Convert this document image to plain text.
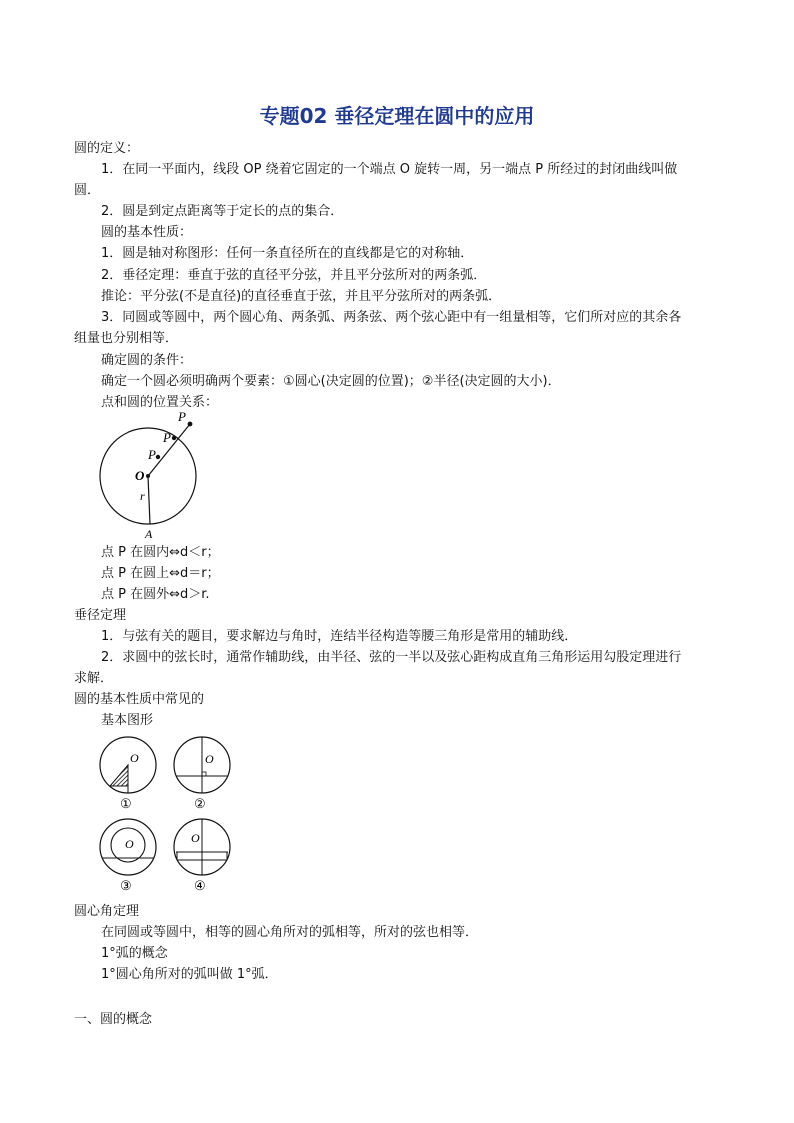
专题02 垂径定理在圆中的应用
圆的定义：
1．在同一平面内，线段 OP 绕着它固定的一个端点 O 旋转一周，另一端点 P 所经过的封闭曲线叫做
圆．
2．圆是到定点距离等于定长的点的集合．
圆的基本性质：
1．圆是轴对称图形：任何一条直径所在的直线都是它的对称轴．
2．垂径定理：垂直于弦的直径平分弦，并且平分弦所对的两条弧．
推论：平分弦(不是直径)的直径垂直于弦，并且平分弦所对的两条弧．
3．同圆或等圆中，两个圆心角、两条弧、两条弦、两个弦心距中有一组量相等，它们所对应的其余各
组量也分别相等．
确定圆的条件：
确定一个圆必须明确两个要素：①圆心(决定圆的位置)；②半径(决定圆的大小)．
点和圆的位置关系：
P
P
P
O
r
A
点 P 在圆内⇔d＜r；
点 P 在圆上⇔d＝r；
点 P 在圆外⇔d＞r.
垂径定理
1．与弦有关的题目，要求解边与角时，连结半径构造等腰三角形是常用的辅助线．
2．求圆中的弦长时，通常作辅助线，由半径、弦的一半以及弦心距构成直角三角形运用勾股定理进行
求解．
圆的基本性质中常见的
基本图形
O
①
O
②
O
③
O
④
圆心角定理
在同圆或等圆中，相等的圆心角所对的弧相等，所对的弦也相等．
1°弧的概念
1°圆心角所对的弧叫做 1°弧．
一、圆的概念
